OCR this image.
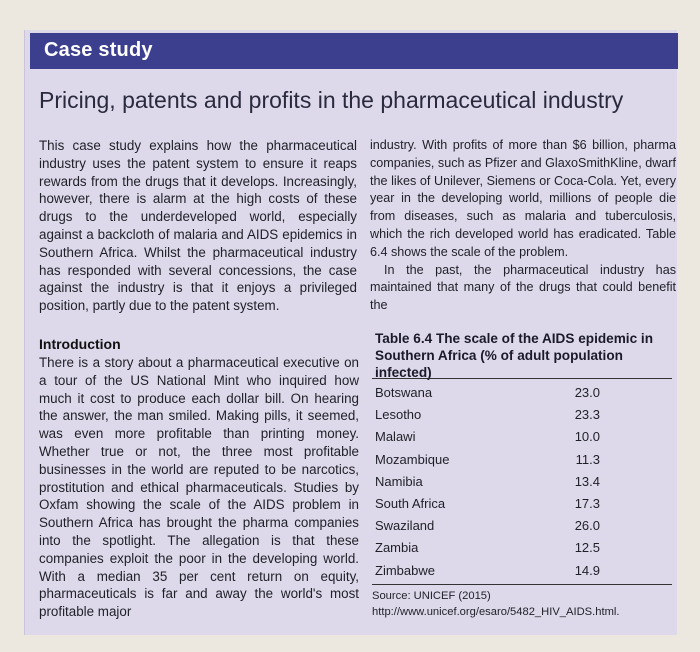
Case study
Pricing, patents and profits in the pharmaceutical industry

This case study explains how the pharmaceutical industry uses the patent system to ensure it reaps rewards from the drugs that it develops. Increasingly, however, there is alarm at the high costs of these drugs to the underdeveloped world, especially against a backcloth of malaria and AIDS epidemics in Southern Africa. Whilst the pharmaceutical industry has responded with several concessions, the case against the industry is that it enjoys a privileged position, partly due to the patent system.

industry. With profits of more than $6 billion, pharma companies, such as Pfizer and GlaxoSmithKline, dwarf the likes of Unilever, Siemens or Coca-Cola. Yet, every year in the developing world, millions of people die from diseases, such as malaria and tuberculosis, which the rich developed world has eradicated. Table 6.4 shows the scale of the problem.

In the past, the pharmaceutical industry has maintained that many of the drugs that could benefit the

Introduction
There is a story about a pharmaceutical executive on a tour of the US National Mint who inquired how much it cost to produce each dollar bill. On hearing the answer, the man smiled. Making pills, it seemed, was even more profitable than printing money. Whether true or not, the three most profitable businesses in the world are reputed to be narcotics, prostitution and ethical pharmaceuticals. Studies by Oxfam showing the scale of the AIDS problem in Southern Africa has brought the pharma companies into the spotlight. The allegation is that these companies exploit the poor in the developing world. With a median 35 per cent return on equity, pharmaceuticals is far and away the world's most profitable major
Table 6.4 The scale of the AIDS epidemic in Southern Africa (% of adult population infected)
Botswana	23.0
Lesotho	23.3
Malawi	10.0
Mozambique	11.3
Namibia	13.4
South Africa	17.3
Swaziland	26.0
Zambia	12.5
Zimbabwe	14.9
Source: UNICEF (2015) http://www.unicef.org/esaro/5482_HIV_AIDS.html.
